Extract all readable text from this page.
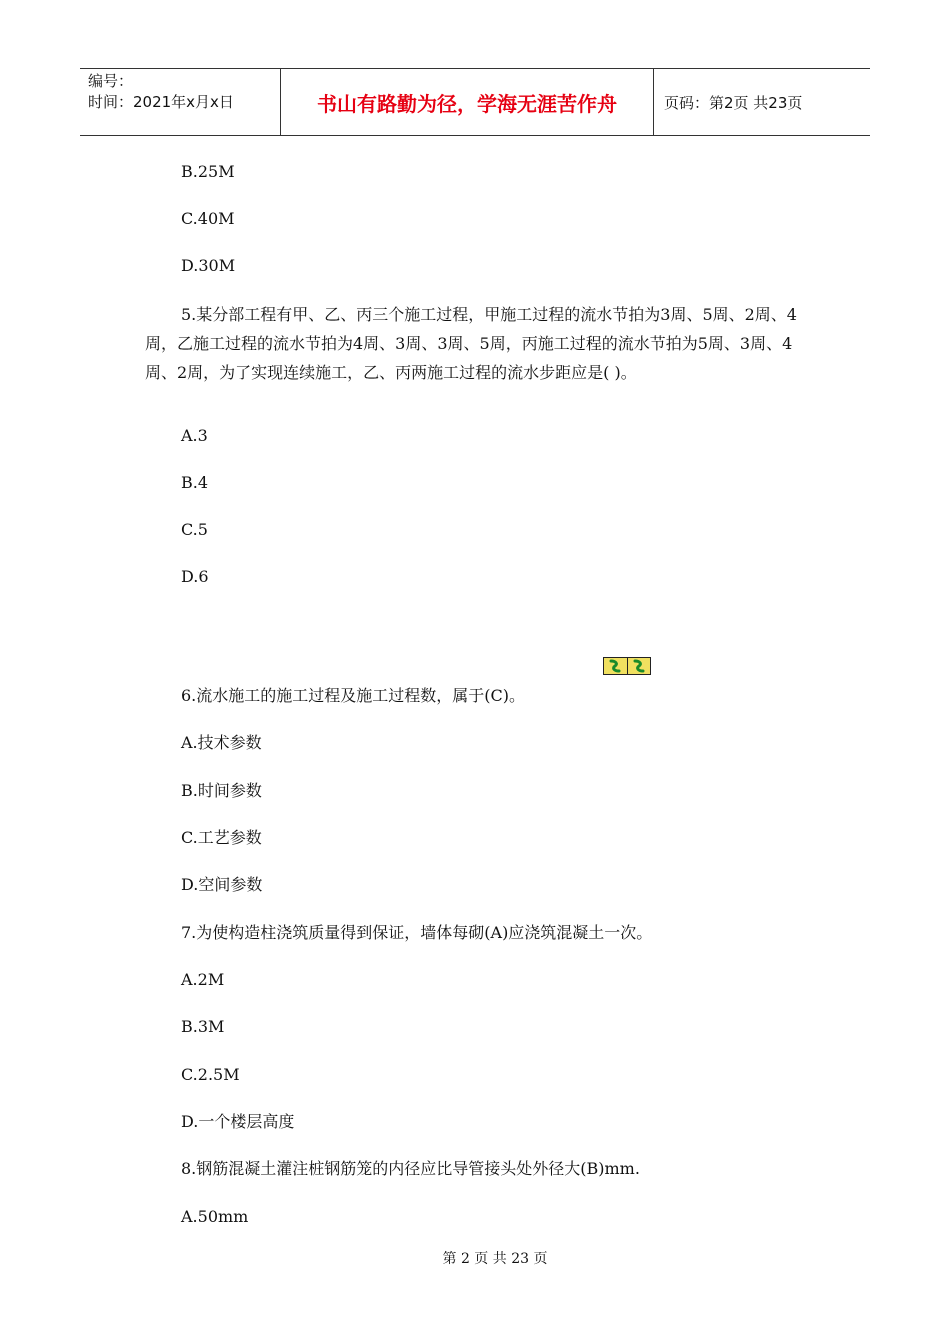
编号：
时间：2021年x月x日	书山有路勤为径，学海无涯苦作舟	页码：第2页 共23页
B.25M
C.40M
D.30M
5.某分部工程有甲、乙、丙三个施工过程，甲施工过程的流水节拍为3周、5周、2周、4周，乙施工过程的流水节拍为4周、3周、3周、5周，丙施工过程的流水节拍为5周、3周、4周、2周，为了实现连续施工，乙、丙两施工过程的流水步距应是( )。
A.3
B.4
C.5
D.6
6.流水施工的施工过程及施工过程数，属于(C)。
A.技术参数
B.时间参数
C.工艺参数
D.空间参数
7.为使构造柱浇筑质量得到保证，墙体每砌(A)应浇筑混凝土一次。
A.2M
B.3M
C.2.5M
D.一个楼层高度
8.钢筋混凝土灌注桩钢筋笼的内径应比导管接头处外径大(B)mm.
A.50mm
第 2 页 共 23 页
